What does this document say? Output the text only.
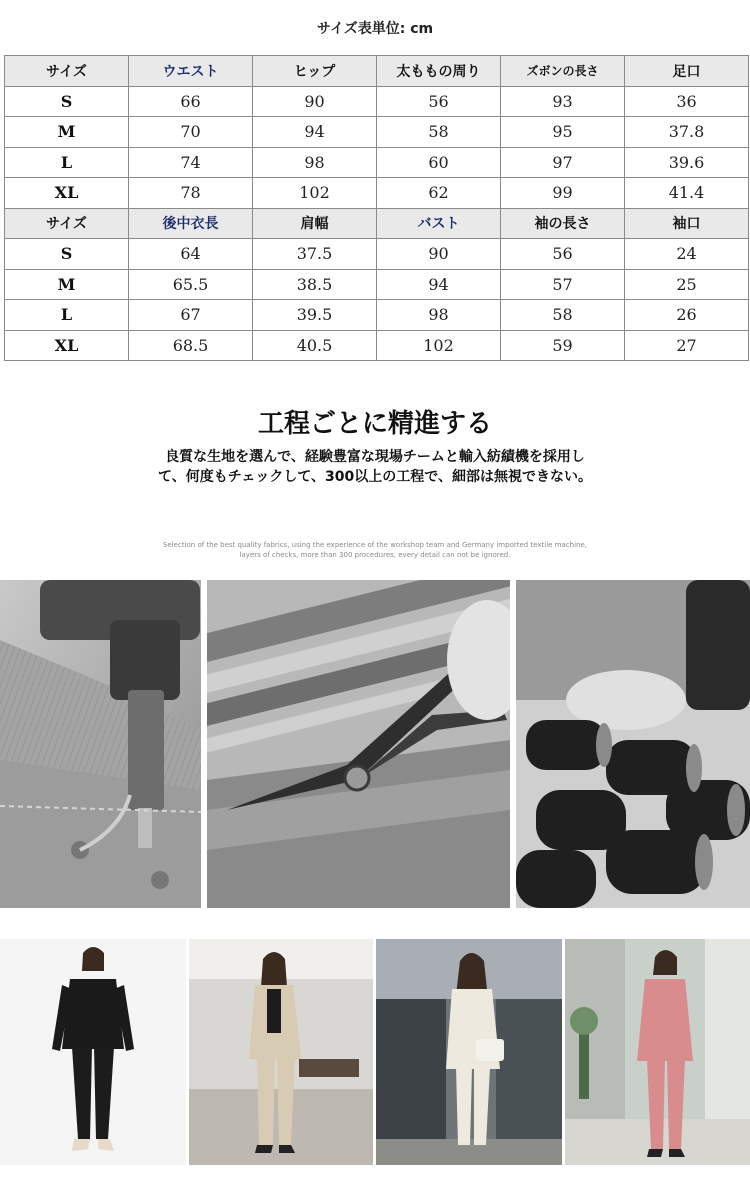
サイズ表単位: cm
サイズ	ウエスト	ヒップ	太ももの周り	ズボンの長さ	足口
S	66	90	56	93	36
M	70	94	58	95	37.8
L	74	98	60	97	39.6
XL	78	102	62	99	41.4
サイズ	後中衣長	肩幅	バスト	袖の長さ	袖口
S	64	37.5	90	56	24
M	65.5	38.5	94	57	25
L	67	39.5	98	58	26
XL	68.5	40.5	102	59	27
工程ごとに精進する
良質な生地を選んで、経験豊富な現場チームと輸入紡績機を採用し
て、何度もチェックして、300以上の工程で、細部は無視できない。
Selection of the best quality fabrics, using the experience of the workshop team and Germany imported textile machine,
layers of checks, more than 300 procedures, every detail can not be ignored.
